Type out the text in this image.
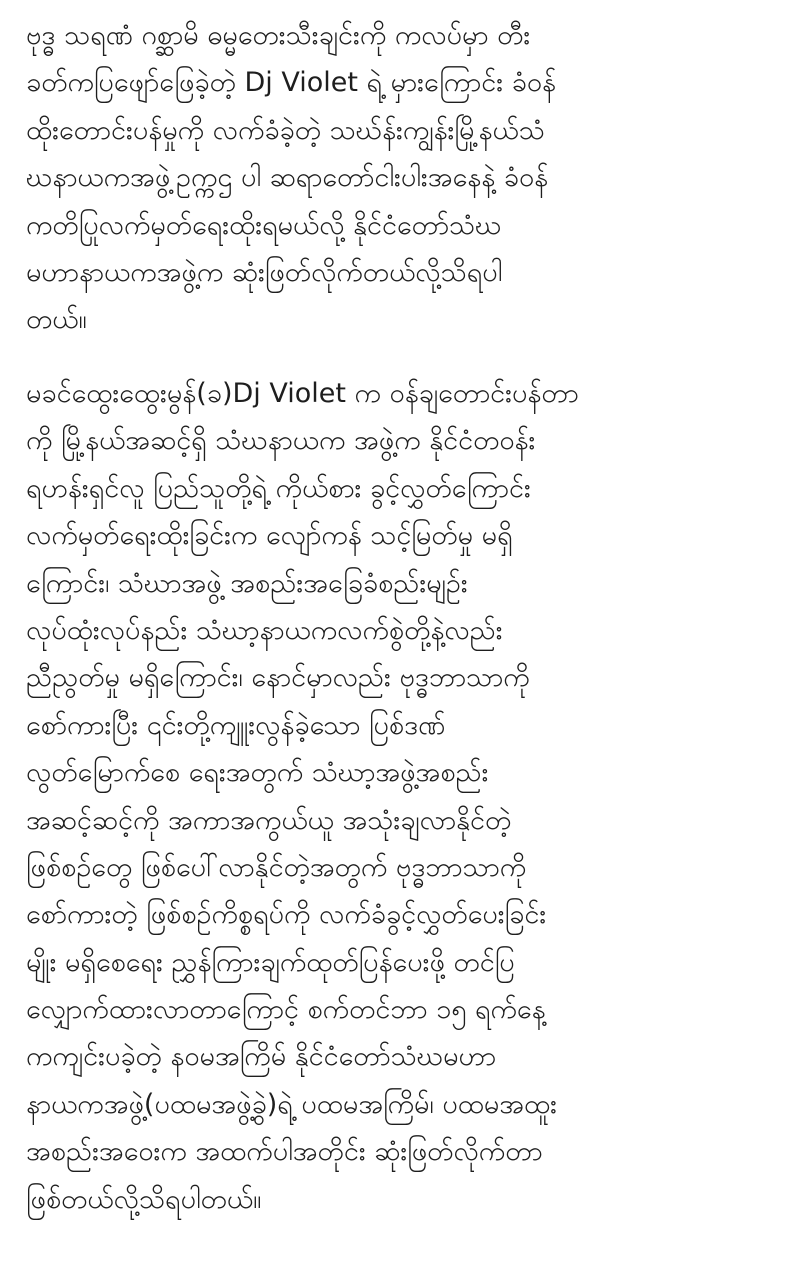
ဗုဒ္ဓ သရဏံ ဂစ္ဆာမိ ဓမ္မတေးသီးချင်းကို ကလပ်မှာ တီး
ခတ်ကပြဖျော်ဖြေခဲ့တဲ့ Dj Violet ရဲ့ မှားကြောင်း ခံဝန်
ထိုးတောင်းပန်မှုကို လက်ခံခဲ့တဲ့ သဃ်န်းကျွန်းမြို့နယ်သံ
ဃနာယကအဖွဲ့ဥက္ကဌ ပါ ဆရာတော်ငါးပါးအနေနဲ့ ခံဝန်
ကတိပြုလက်မှတ်ရေးထိုးရမယ်လို့ နိုင်ငံတော်သံဃ
မဟာနာယကအဖွဲ့က ဆုံးဖြတ်လိုက်တယ်လို့သိရပါ
တယ်။
မခင်ထွေးထွေးမွန်(ခ)Dj Violet က ဝန်ချတောင်းပန်တာ
ကို မြို့နယ်အဆင့်ရှိ သံဃနာယက အဖွဲ့က နိုင်ငံတဝန်း
ရဟန်းရှင်လူ ပြည်သူတို့ရဲ့ ကိုယ်စား ခွင့်လွှတ်ကြောင်း
လက်မှတ်ရေးထိုးခြင်းက လျော်ကန် သင့်မြတ်မှု မရှိ
ကြောင်း၊ သံဃာအဖွဲ့ အစည်းအခြေခံစည်းမျဉ်း
လုပ်ထုံးလုပ်နည်း သံဃာ့နာယကလက်စွဲတို့နဲ့လည်း
ညီညွတ်မှု မရှိကြောင်း၊ နောင်မှာလည်း ဗုဒ္ဓဘာသာကို
စော်ကားပြီး ၎င်းတို့ကျူးလွန်ခဲ့သော ပြစ်ဒဏ်
လွတ်မြောက်စေ ရေးအတွက် သံဃာ့အဖွဲ့အစည်း
အဆင့်ဆင့်ကို အကာအကွယ်ယူ အသုံးချလာနိုင်တဲ့
ဖြစ်စဉ်တွေ ဖြစ်ပေါ်လာနိုင်တဲ့အတွက် ဗုဒ္ဓဘာသာကို
စော်ကားတဲ့ ဖြစ်စဉ်ကိစ္စရပ်ကို လက်ခံခွင့်လွှတ်ပေးခြင်း
မျိုး မရှိစေရေး ညွှန်ကြားချက်ထုတ်ပြန်ပေးဖို့ တင်ပြ
လျှောက်ထားလာတာကြောင့် စက်တင်ဘာ ၁၅ ရက်နေ့
ကကျင်းပခဲ့တဲ့ နဝမအကြိမ် နိုင်ငံတော်သံဃမဟာ
နာယကအဖွဲ့(ပထမအဖွဲ့ခွဲ)ရဲ့ ပထမအကြိမ်၊ ပထမအထူး
အစည်းအဝေးက အထက်ပါအတိုင်း ဆုံးဖြတ်လိုက်တာ
ဖြစ်တယ်လို့သိရပါတယ်။
